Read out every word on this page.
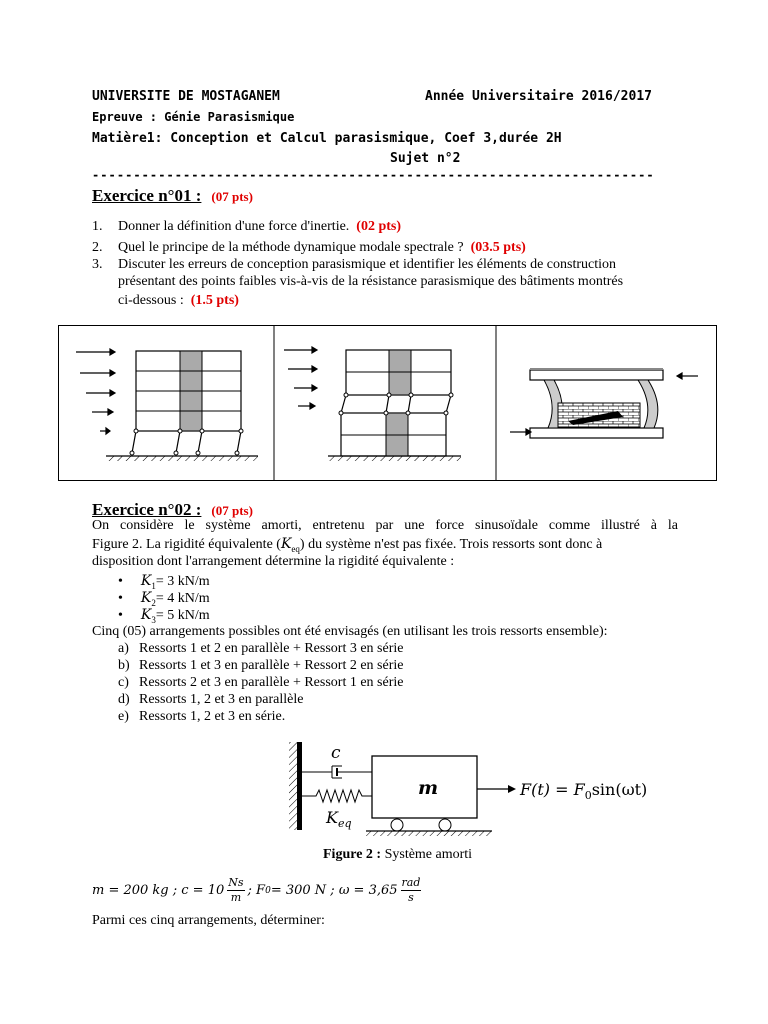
UNIVERSITE DE MOSTAGANEM	Année Universitaire 2016/2017
Epreuve : Génie Parasismique
Matière1: Conception et Calcul parasismique, Coef 3,durée 2H
Sujet n°2
--------------------------------------------------------------------
Exercice n°01 : (07 pts)
1. Donner la définition d'une force d'inertie. (02 pts)
2. Quel le principe de la méthode dynamique modale spectrale ? (03.5 pts)
3. Discuter les erreurs de conception parasismique et identifier les éléments de construction
présentant des points faibles vis-à-vis de la résistance parasismique des bâtiments montrés
ci-dessous : (1.5 pts)
Exercice n°02 : (07 pts)
On considère le système amorti, entretenu par une force sinusoïdale comme illustré à la
Figure 2. La rigidité équivalente $(K_{eq})$ du système n'est pas fixée. Trois ressorts sont donc à
disposition dont l'arrangement détermine la rigidité équivalente :
• $K_1= 3$ kN/m
• $K_2= 4$ kN/m
• $K_3= 5$ kN/m
Cinq (05) arrangements possibles ont été envisagés (en utilisant les trois ressorts ensemble):
a) Ressorts 1 et 2 en parallèle + Ressort 3 en série
b) Ressorts 1 et 3 en parallèle + Ressort 2 en série
c) Ressorts 2 et 3 en parallèle + Ressort 1 en série
d) Ressorts 1, 2 et 3 en parallèle
e) Ressorts 1, 2 et 3 en série.
c
m
$K_{eq}$
$F(t) = F_0\sin(\omega t)$
Figure 2 : Système amorti
m = 200 kg ; $c = 10 \frac{Ns}{m}$ ; F 0 = 300 N ; ω = 3,65
rad
s
Parmi ces cinq arrangements, déterminer:
